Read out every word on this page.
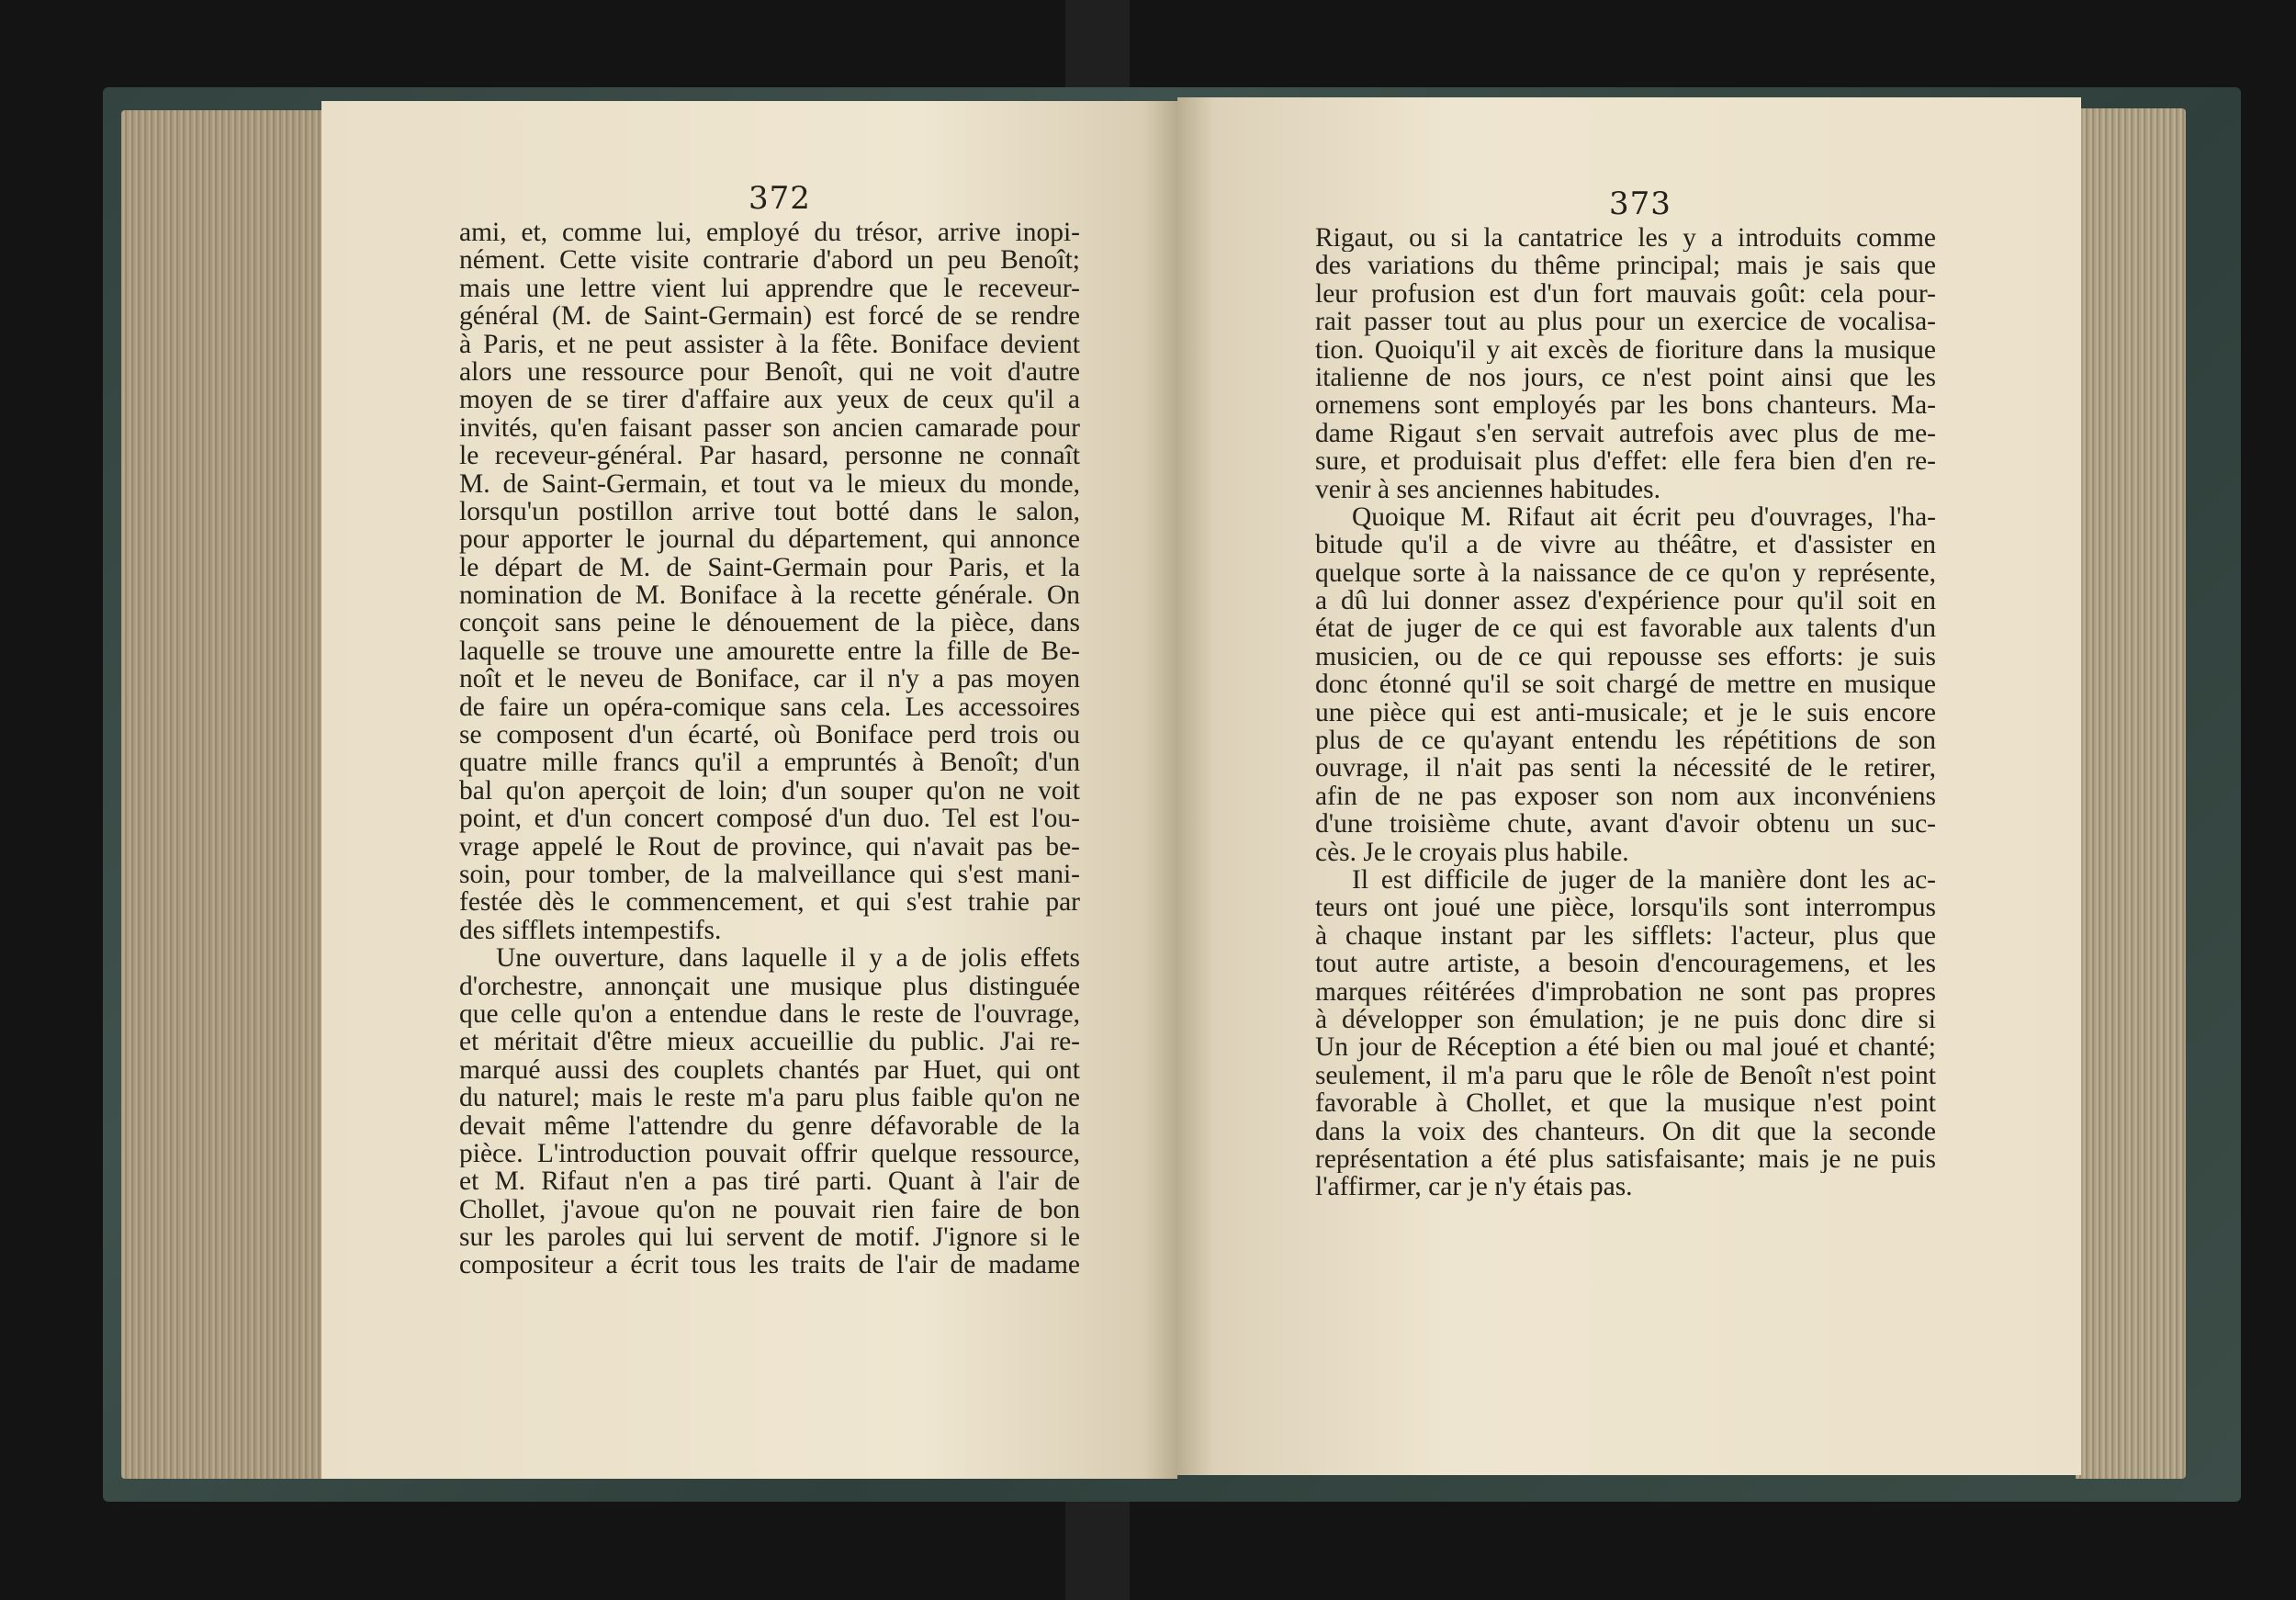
372
ami, et, comme lui, employé du trésor, arrive inopi-
nément. Cette visite contrarie d'abord un peu Benoît;
mais une lettre vient lui apprendre que le receveur-
général (M. de Saint-Germain) est forcé de se rendre
à Paris, et ne peut assister à la fête. Boniface devient
alors une ressource pour Benoît, qui ne voit d'autre
moyen de se tirer d'affaire aux yeux de ceux qu'il a
invités, qu'en faisant passer son ancien camarade pour
le receveur-général. Par hasard, personne ne connaît
M. de Saint-Germain, et tout va le mieux du monde,
lorsqu'un postillon arrive tout botté dans le salon,
pour apporter le journal du département, qui annonce
le départ de M. de Saint-Germain pour Paris, et la
nomination de M. Boniface à la recette générale. On
conçoit sans peine le dénouement de la pièce, dans
laquelle se trouve une amourette entre la fille de Be-
noît et le neveu de Boniface, car il n'y a pas moyen
de faire un opéra-comique sans cela. Les accessoires
se composent d'un écarté, où Boniface perd trois ou
quatre mille francs qu'il a empruntés à Benoît; d'un
bal qu'on aperçoit de loin; d'un souper qu'on ne voit
point, et d'un concert composé d'un duo. Tel est l'ou-
vrage appelé le Rout de province, qui n'avait pas be-
soin, pour tomber, de la malveillance qui s'est mani-
festée dès le commencement, et qui s'est trahie par
des sifflets intempestifs.
Une ouverture, dans laquelle il y a de jolis effets
d'orchestre, annonçait une musique plus distinguée
que celle qu'on a entendue dans le reste de l'ouvrage,
et méritait d'être mieux accueillie du public. J'ai re-
marqué aussi des couplets chantés par Huet, qui ont
du naturel; mais le reste m'a paru plus faible qu'on ne
devait même l'attendre du genre défavorable de la
pièce. L'introduction pouvait offrir quelque ressource,
et M. Rifaut n'en a pas tiré parti. Quant à l'air de
Chollet, j'avoue qu'on ne pouvait rien faire de bon
sur les paroles qui lui servent de motif. J'ignore si le
compositeur a écrit tous les traits de l'air de madame
373
Rigaut, ou si la cantatrice les y a introduits comme
des variations du thême principal; mais je sais que
leur profusion est d'un fort mauvais goût: cela pour-
rait passer tout au plus pour un exercice de vocalisa-
tion. Quoiqu'il y ait excès de fioriture dans la musique
italienne de nos jours, ce n'est point ainsi que les
ornemens sont employés par les bons chanteurs. Ma-
dame Rigaut s'en servait autrefois avec plus de me-
sure, et produisait plus d'effet: elle fera bien d'en re-
venir à ses anciennes habitudes.
Quoique M. Rifaut ait écrit peu d'ouvrages, l'ha-
bitude qu'il a de vivre au théâtre, et d'assister en
quelque sorte à la naissance de ce qu'on y représente,
a dû lui donner assez d'expérience pour qu'il soit en
état de juger de ce qui est favorable aux talents d'un
musicien, ou de ce qui repousse ses efforts: je suis
donc étonné qu'il se soit chargé de mettre en musique
une pièce qui est anti-musicale; et je le suis encore
plus de ce qu'ayant entendu les répétitions de son
ouvrage, il n'ait pas senti la nécessité de le retirer,
afin de ne pas exposer son nom aux inconvéniens
d'une troisième chute, avant d'avoir obtenu un suc-
cès. Je le croyais plus habile.
Il est difficile de juger de la manière dont les ac-
teurs ont joué une pièce, lorsqu'ils sont interrompus
à chaque instant par les sifflets: l'acteur, plus que
tout autre artiste, a besoin d'encouragemens, et les
marques réitérées d'improbation ne sont pas propres
à développer son émulation; je ne puis donc dire si
Un jour de Réception a été bien ou mal joué et chanté;
seulement, il m'a paru que le rôle de Benoît n'est point
favorable à Chollet, et que la musique n'est point
dans la voix des chanteurs. On dit que la seconde
représentation a été plus satisfaisante; mais je ne puis
l'affirmer, car je n'y étais pas.
